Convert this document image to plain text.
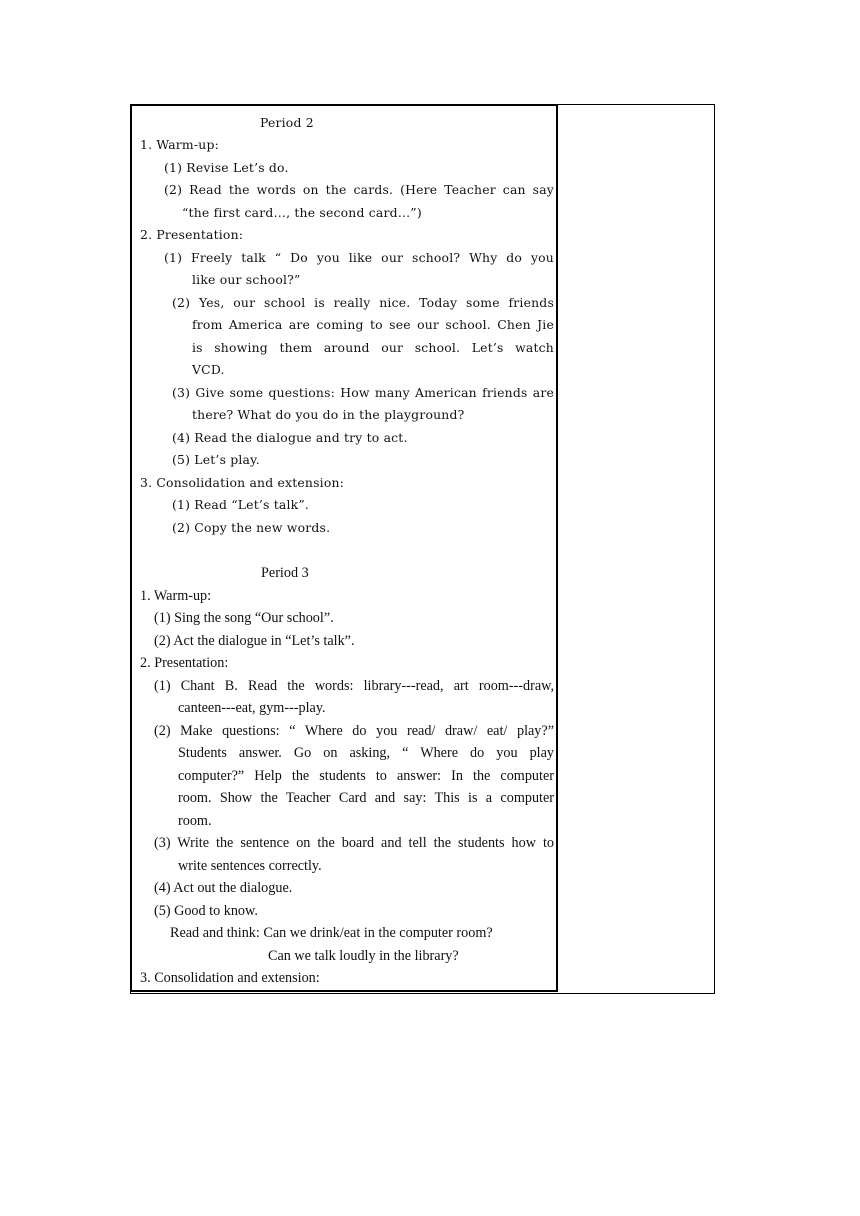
Period 2
1. Warm-up:
(1) Revise Let’s do.
(2) Read the words on the cards. (Here Teacher can say
“the first card…, the second card…”)
2. Presentation:
(1) Freely talk “ Do you like our school? Why do you
like our school?”
(2) Yes, our school is really nice. Today some friends
from America are coming to see our school. Chen Jie
is showing them around our school. Let’s watch
VCD.
(3) Give some questions: How many American friends are
there? What do you do in the playground?
(4) Read the dialogue and try to act.
(5) Let’s play.
3. Consolidation and extension:
(1) Read “Let’s talk”.
(2) Copy the new words.
Period 3
1. Warm-up:
(1) Sing the song “Our school”.
(2) Act the dialogue in “Let’s talk”.
2. Presentation:
(1) Chant B. Read the words: library---read, art room---draw,
canteen---eat, gym---play.
(2) Make questions: “ Where do you read/ draw/ eat/ play?”
Students answer. Go on asking, “ Where do you play
computer?” Help the students to answer: In the computer
room. Show the Teacher Card and say: This is a computer
room.
(3) Write the sentence on the board and tell the students how to
write sentences correctly.
(4) Act out the dialogue.
(5) Good to know.
Read and think: Can we drink/eat in the computer room?
Can we talk loudly in the library?
3. Consolidation and extension:
